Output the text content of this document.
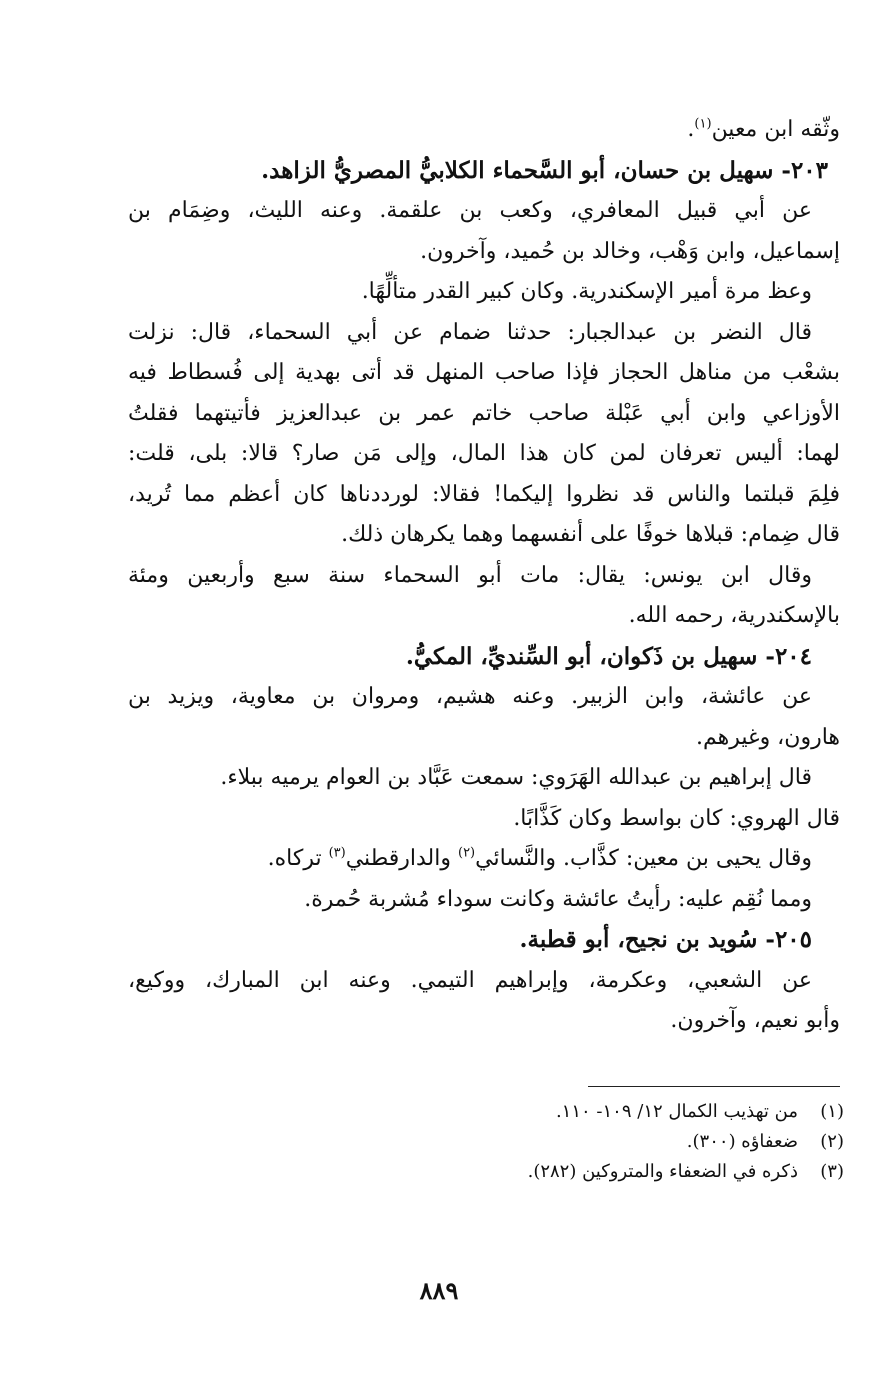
وثّقه ابن معين$^{(١)}$.
٢٠٣- سهيل بن حسان، أبو السَّحماء الكلابيُّ المصريُّ الزاهد.
عن أبي قبيل المعافري، وكعب بن علقمة. وعنه الليث، وضِمَام بن
إسماعيل، وابن وَهْب، وخالد بن حُميد، وآخرون.
وعظ مرة أمير الإسكندرية. وكان كبير القدر متألِّهًا.
قال النضر بن عبدالجبار: حدثنا ضمام عن أبي السحماء، قال: نزلت
بشعْب من مناهل الحجاز فإذا صاحب المنهل قد أتى بهدية إلى فُسطاط فيه
الأوزاعي وابن أبي عَبْلة صاحب خاتم عمر بن عبدالعزيز فأتيتهما فقلتُ
لهما: أليس تعرفان لمن كان هذا المال، وإلى مَن صار؟ قالا: بلى، قلت:
فلِمَ قبلتما والناس قد نظروا إليكما! فقالا: لورددناها كان أعظم مما تُريد،
قال ضِمام: قبلاها خوفًا على أنفسهما وهما يكرهان ذلك.
وقال ابن يونس: يقال: مات أبو السحماء سنة سبع وأربعين ومئة
بالإسكندرية، رحمه الله.
٢٠٤- سهيل بن ذَكوان، أبو السِّنديِّ، المكيُّ.
عن عائشة، وابن الزبير. وعنه هشيم، ومروان بن معاوية، ويزيد بن
هارون، وغيرهم.
قال إبراهيم بن عبدالله الهَرَوي: سمعت عَبَّاد بن العوام يرميه ببلاء.
قال الهروي: كان بواسط وكان كَذَّابًا.
وقال يحيى بن معين: كذَّاب. والنَّسائي$^{(٢)}$ والدارقطني$^{(٣)}$ تركاه.
ومما نُقِم عليه: رأيتُ عائشة وكانت سوداء مُشربة حُمرة.
٢٠٥- سُويد بن نجيح، أبو قطبة.
عن الشعبي، وعكرمة، وإبراهيم التيمي. وعنه ابن المبارك، ووكيع،
وأبو نعيم، وآخرون.
(١)من تهذيب الكمال ١٢/ ١٠٩- ١١٠.
(٢)ضعفاؤه (٣٠٠).
(٣)ذكره في الضعفاء والمتروكين (٢٨٢).
٨٨٩
